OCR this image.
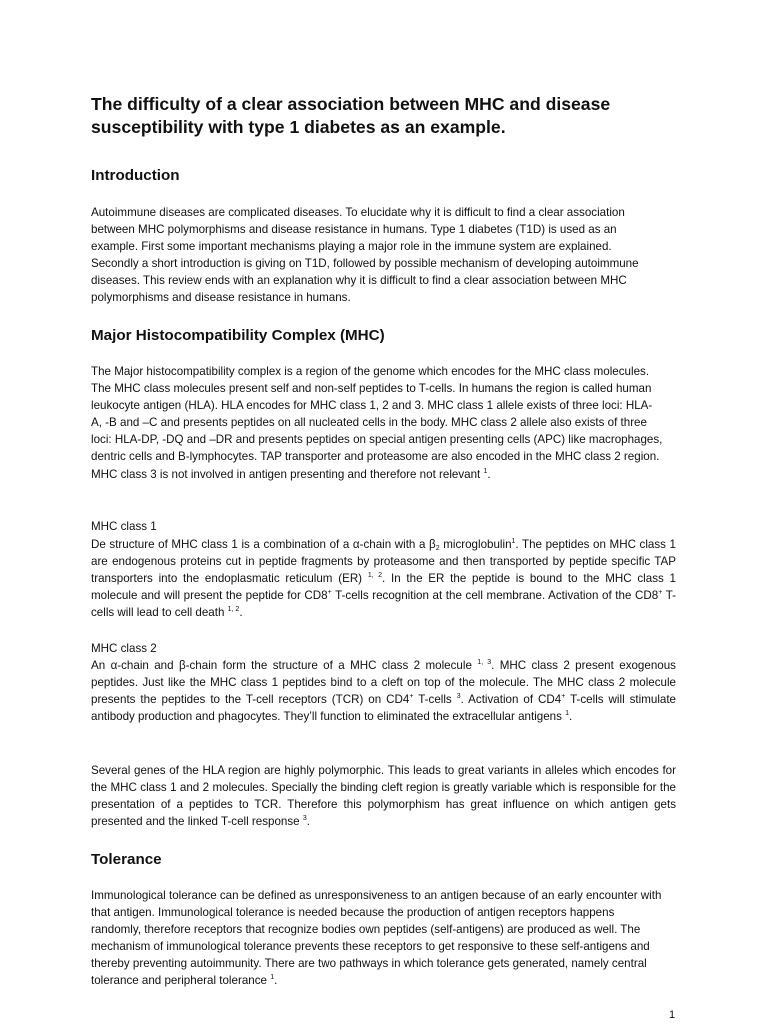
The difficulty of a clear association between MHC and disease susceptibility with type 1 diabetes as an example.
Introduction

Autoimmune diseases are complicated diseases. To elucidate why it is difficult to find a clear association between MHC polymorphisms and disease resistance in humans. Type 1 diabetes (T1D) is used as an example. First some important mechanisms playing a major role in the immune system are explained. Secondly a short introduction is giving on T1D, followed by possible mechanism of developing autoimmune diseases. This review ends with an explanation why it is difficult to find a clear association between MHC polymorphisms and disease resistance in humans.

Major Histocompatibility Complex (MHC)

The Major histocompatibility complex is a region of the genome which encodes for the MHC class molecules. The MHC class molecules present self and non-self peptides to T-cells. In humans the region is called human leukocyte antigen (HLA). HLA encodes for MHC class 1, 2 and 3. MHC class 1 allele exists of three loci: HLA-A, -B and –C and presents peptides on all nucleated cells in the body. MHC class 2 allele also exists of three loci: HLA-DP, -DQ and –DR and presents peptides on special antigen presenting cells (APC) like macrophages, dentric cells and B-lymphocytes. TAP transporter and proteasome are also encoded in the MHC class 2 region. MHC class 3 is not involved in antigen presenting and therefore not relevant $^1$.

MHC class 1

De structure of MHC class 1 is a combination of a α-chain with a $\beta_2$ microglobulin$^1$. The peptides on MHC class 1 are endogenous proteins cut in peptide fragments by proteasome and then transported by peptide specific TAP transporters into the endoplasmatic reticulum (ER) $^{1, 2}$. In the ER the peptide is bound to the MHC class 1 molecule and will present the peptide for CD8+ T-cells recognition at the cell membrane. Activation of the CD8+ T-cells will lead to cell death $^{1, 2}$.

MHC class 2

An α-chain and β-chain form the structure of a MHC class 2 molecule $^{1, 3}$. MHC class 2 present exogenous peptides. Just like the MHC class 1 peptides bind to a cleft on top of the molecule. The MHC class 2 molecule presents the peptides to the T-cell receptors (TCR) on CD4+ T-cells $^3$. Activation of CD4+ T-cells will stimulate antibody production and phagocytes. They’ll function to eliminated the extracellular antigens $^1$.

Several genes of the HLA region are highly polymorphic. This leads to great variants in alleles which encodes for the MHC class 1 and 2 molecules. Specially the binding cleft region is greatly variable which is responsible for the presentation of a peptides to TCR. Therefore this polymorphism has great influence on which antigen gets presented and the linked T-cell response $^3$.

Tolerance

Immunological tolerance can be defined as unresponsiveness to an antigen because of an early encounter with that antigen. Immunological tolerance is needed because the production of antigen receptors happens randomly, therefore receptors that recognize bodies own peptides (self-antigens) are produced as well. The mechanism of immunological tolerance prevents these receptors to get responsive to these self-antigens and thereby preventing autoimmunity. There are two pathways in which tolerance gets generated, namely central tolerance and peripheral tolerance $^1$.

1
